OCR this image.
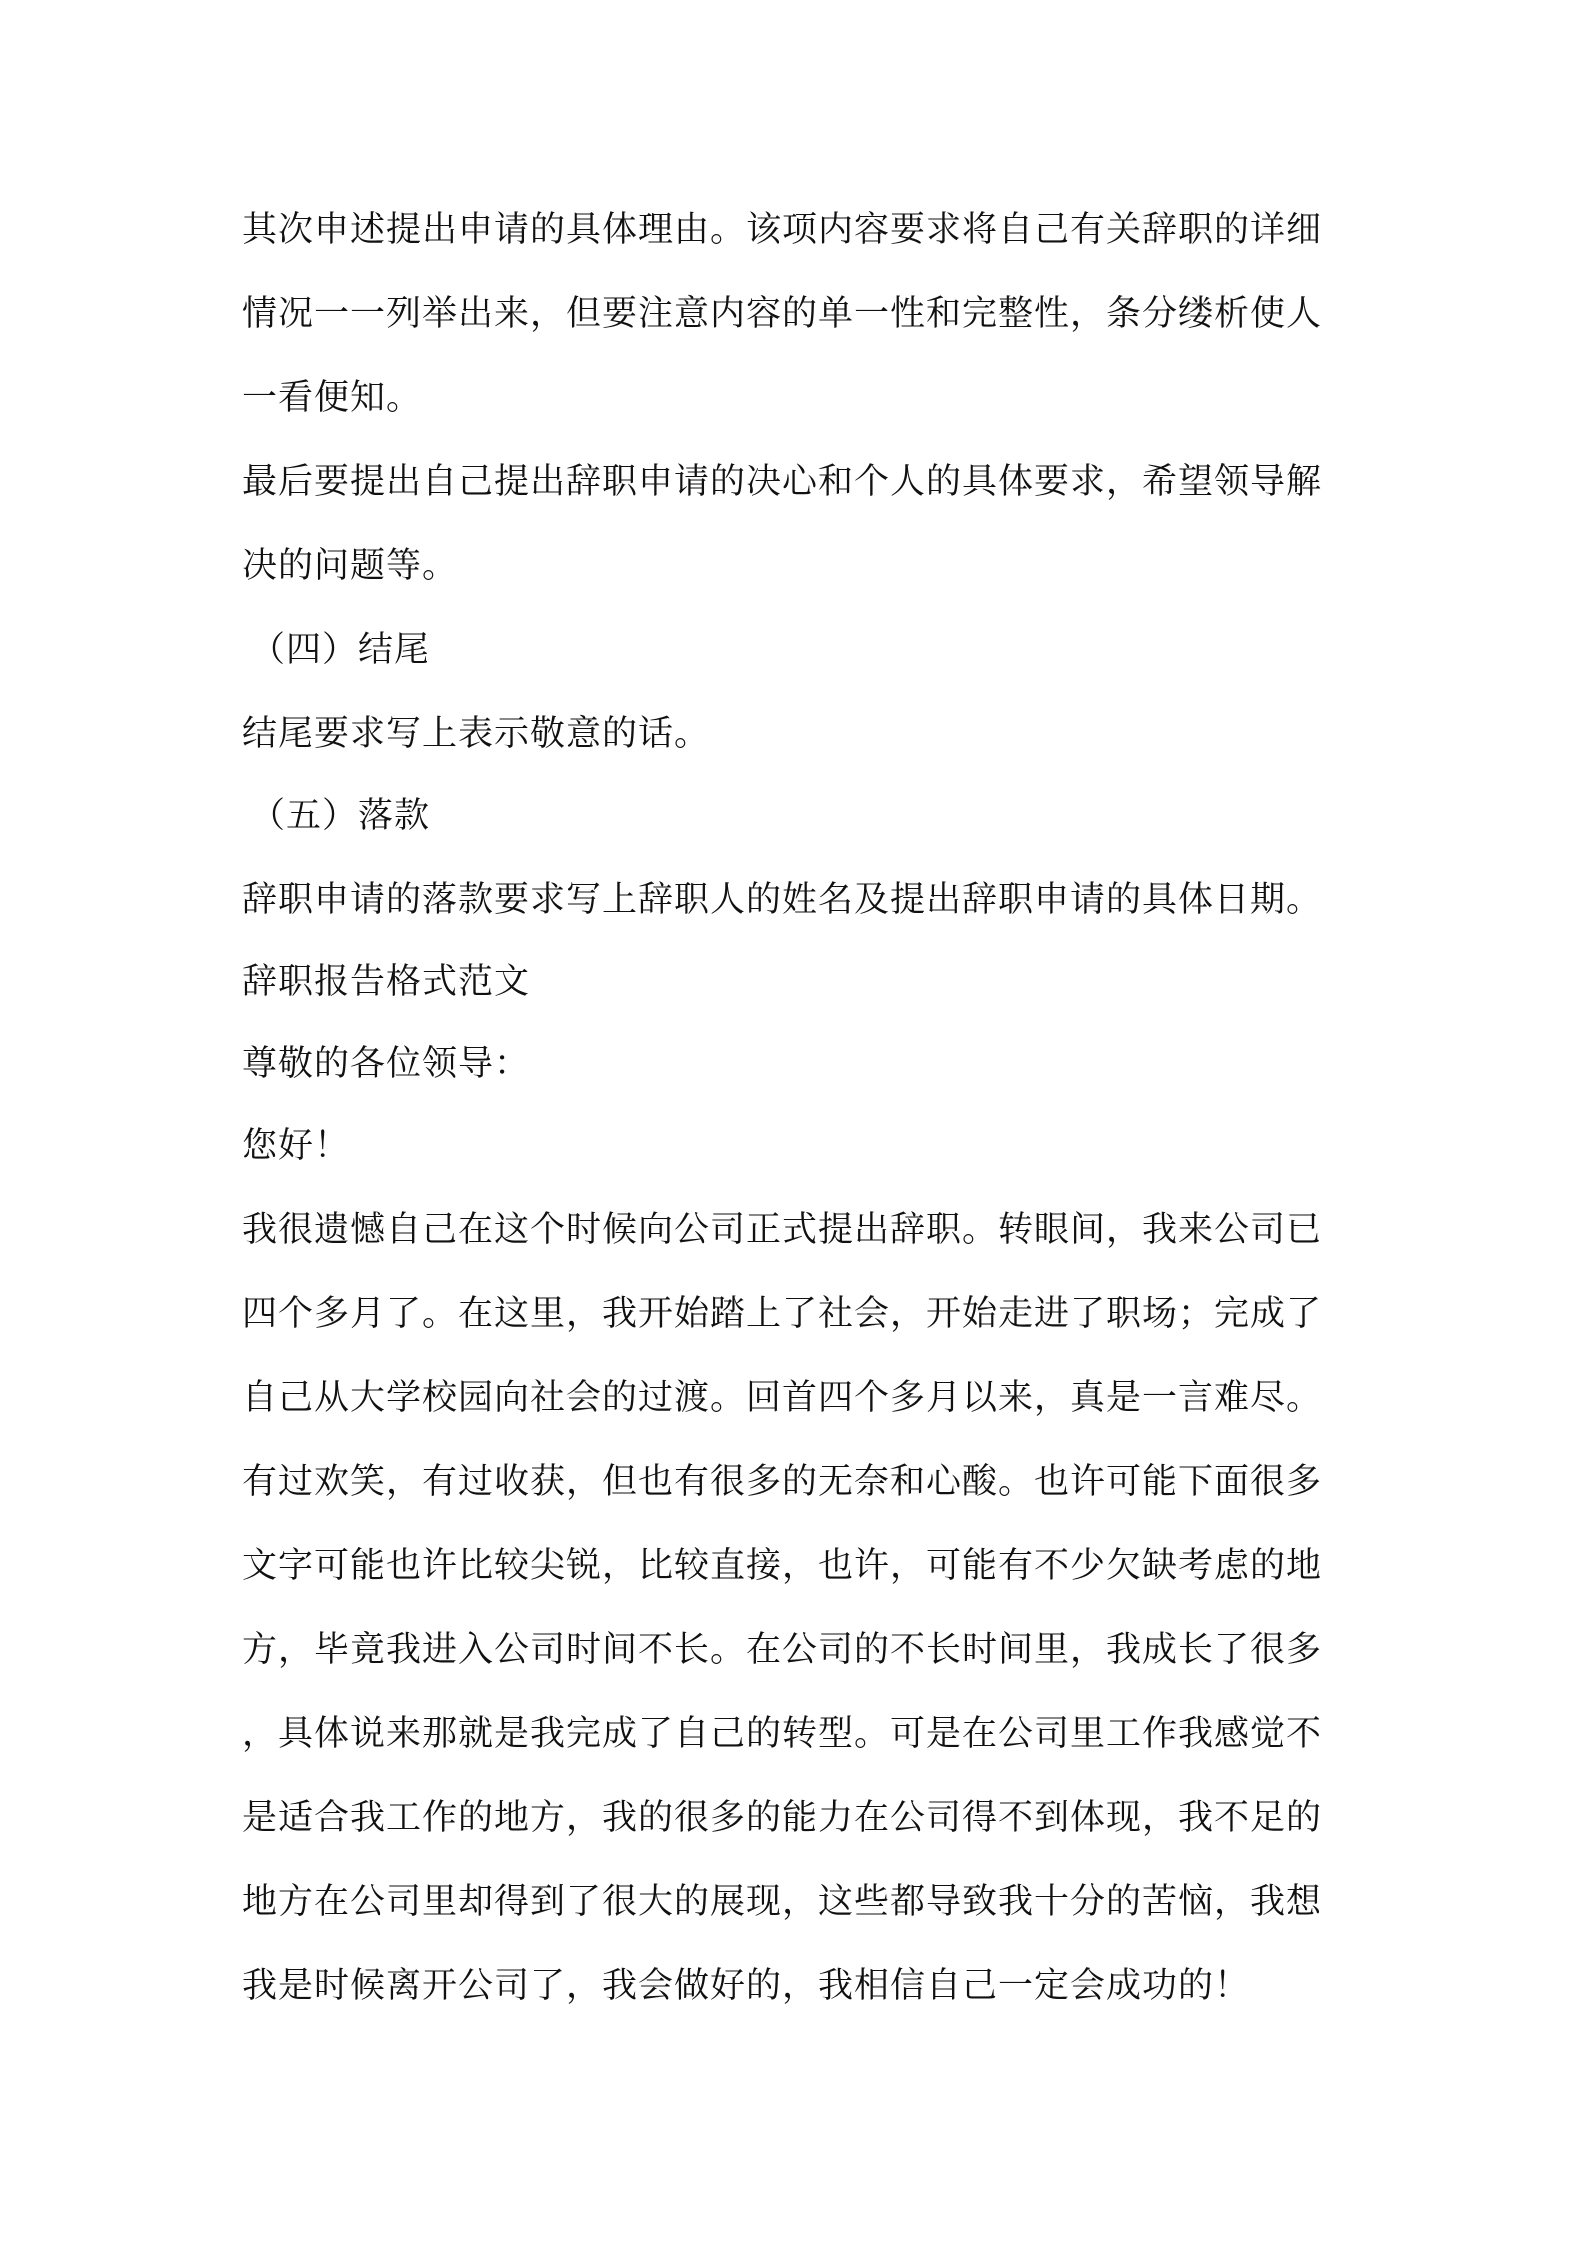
其次申述提出申请的具体理由。该项内容要求将自己有关辞职的详细
情况一一列举出来，但要注意内容的单一性和完整性，条分缕析使人
一看便知。
最后要提出自己提出辞职申请的决心和个人的具体要求，希望领导解
决的问题等。
（四）结尾
结尾要求写上表示敬意的话。
（五）落款
辞职申请的落款要求写上辞职人的姓名及提出辞职申请的具体日期。
辞职报告格式范文
尊敬的各位领导：
您好！
我很遗憾自己在这个时候向公司正式提出辞职。转眼间，我来公司已
四个多月了。在这里，我开始踏上了社会，开始走进了职场；完成了
自己从大学校园向社会的过渡。回首四个多月以来，真是一言难尽。
有过欢笑，有过收获，但也有很多的无奈和心酸。也许可能下面很多
文字可能也许比较尖锐，比较直接，也许，可能有不少欠缺考虑的地
方，毕竟我进入公司时间不长。在公司的不长时间里，我成长了很多
，具体说来那就是我完成了自己的转型。可是在公司里工作我感觉不
是适合我工作的地方，我的很多的能力在公司得不到体现，我不足的
地方在公司里却得到了很大的展现，这些都导致我十分的苦恼，我想
我是时候离开公司了，我会做好的，我相信自己一定会成功的！
